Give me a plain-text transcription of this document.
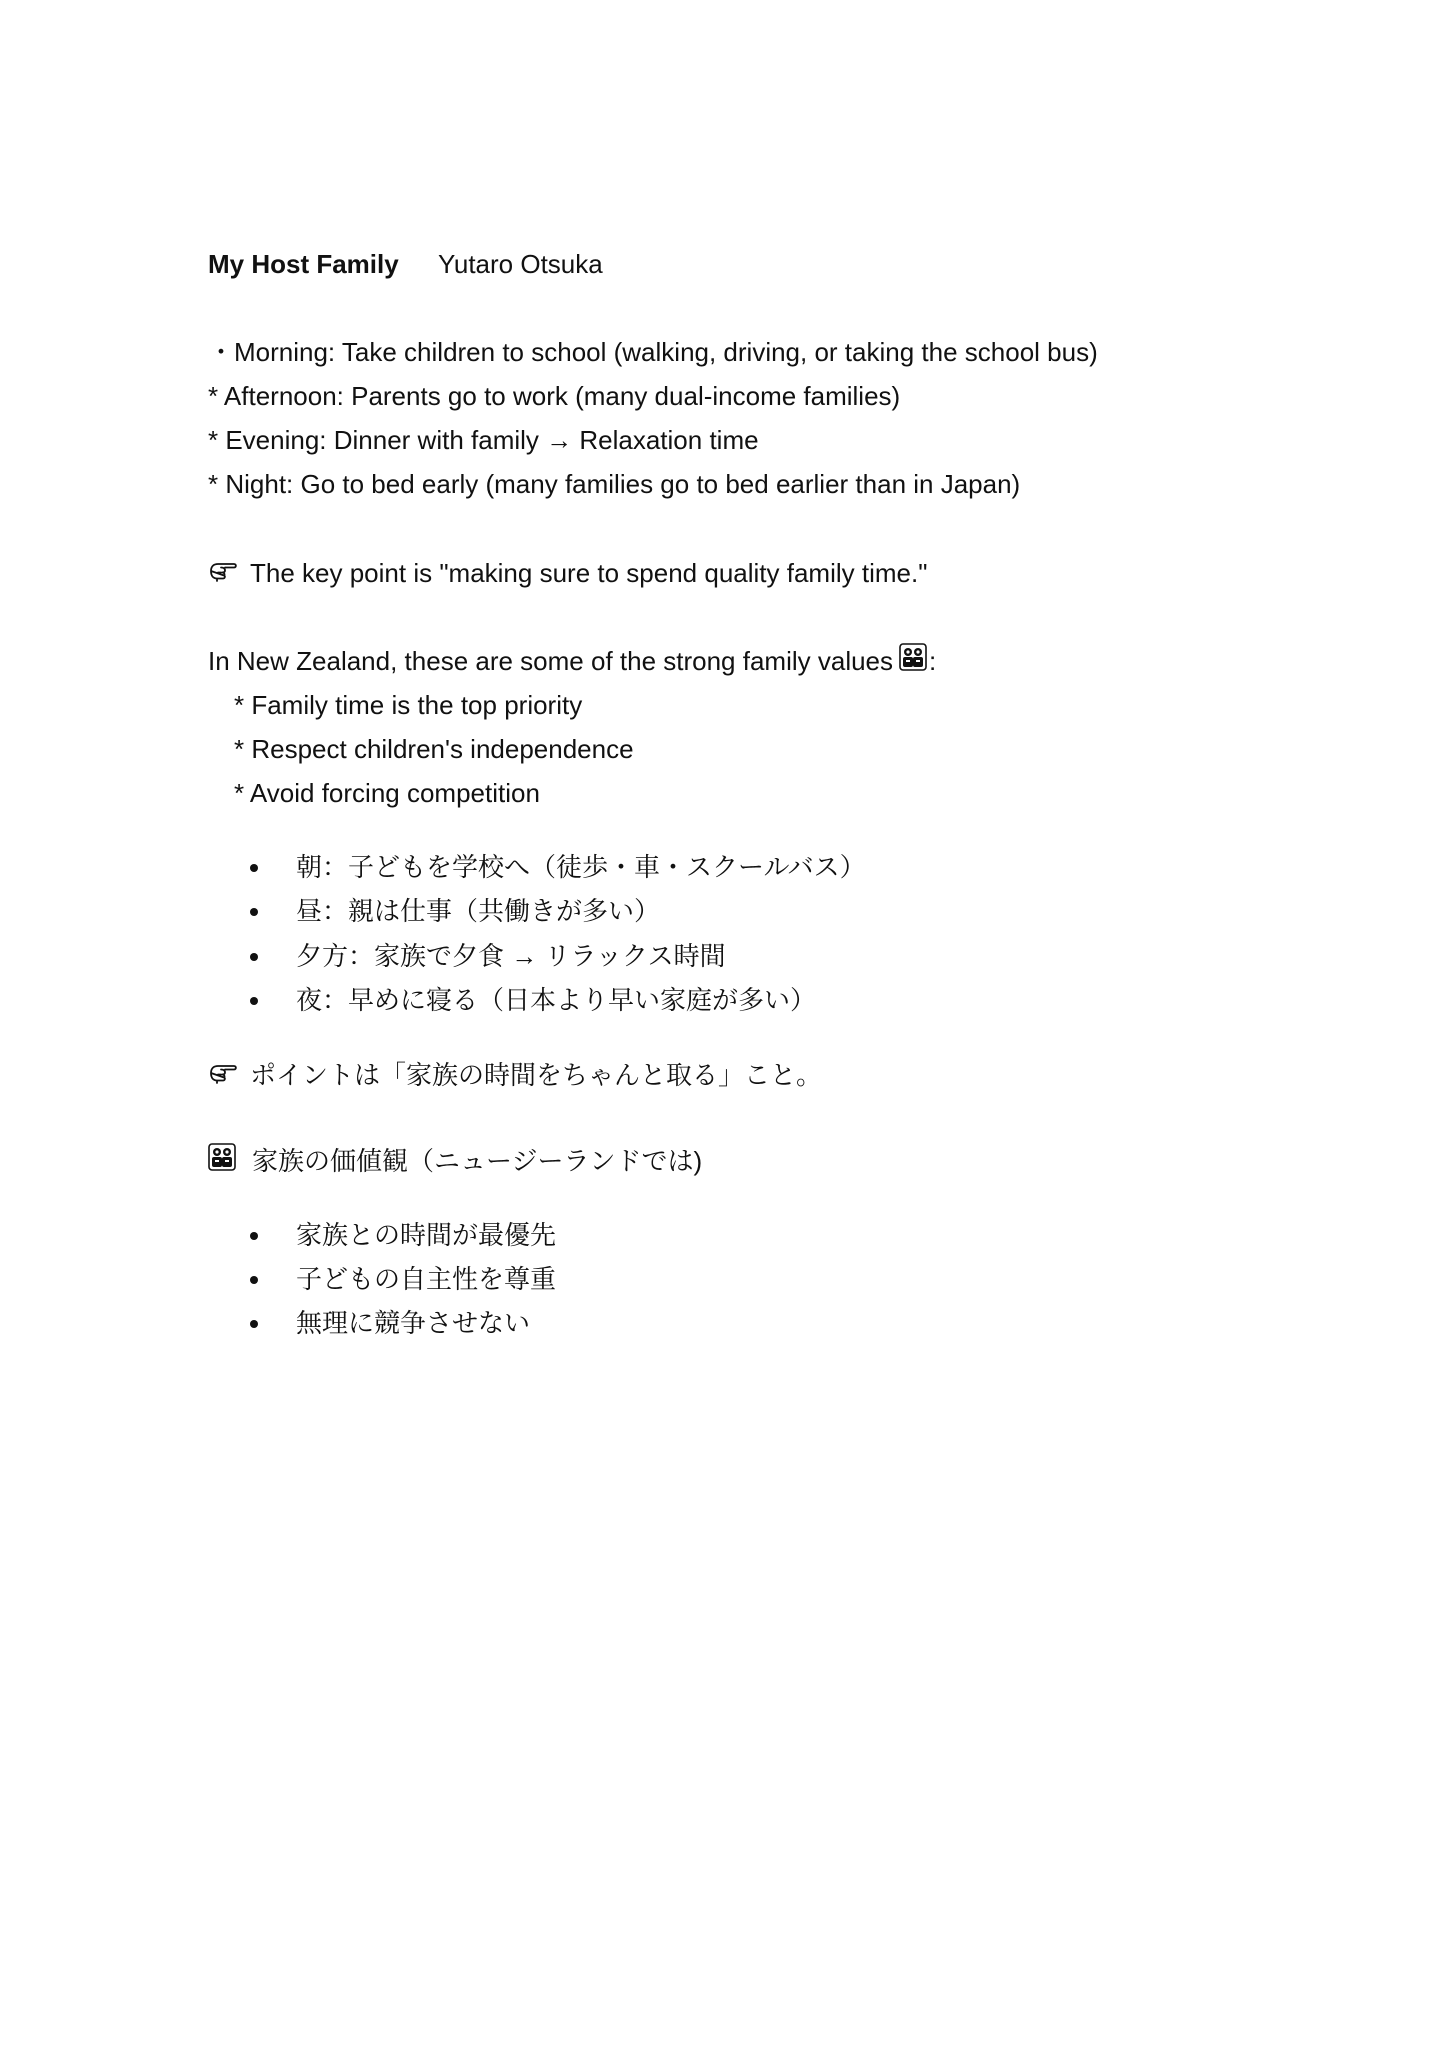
My Host Family Yutaro Otsuka
・Morning: Take children to school (walking, driving, or taking the school bus)
* Afternoon: Parents go to work (many dual-income families)
* Evening: Dinner with family → Relaxation time
* Night: Go to bed early (many families go to bed earlier than in Japan)
The key point is "making sure to spend quality family time."
In New Zealand, these are some of the strong family values :
* Family time is the top priority
* Respect children's independence
* Avoid forcing competition
朝：子どもを学校へ（徒歩・車・スクールバス）
昼：親は仕事（共働きが多い）
夕方：家族で夕食 → リラックス時間
夜：早めに寝る（日本より早い家庭が多い）
ポイントは「家族の時間をちゃんと取る」こと。
家族の価値観（ニュージーランドでは)
家族との時間が最優先
子どもの自主性を尊重
無理に競争させない
